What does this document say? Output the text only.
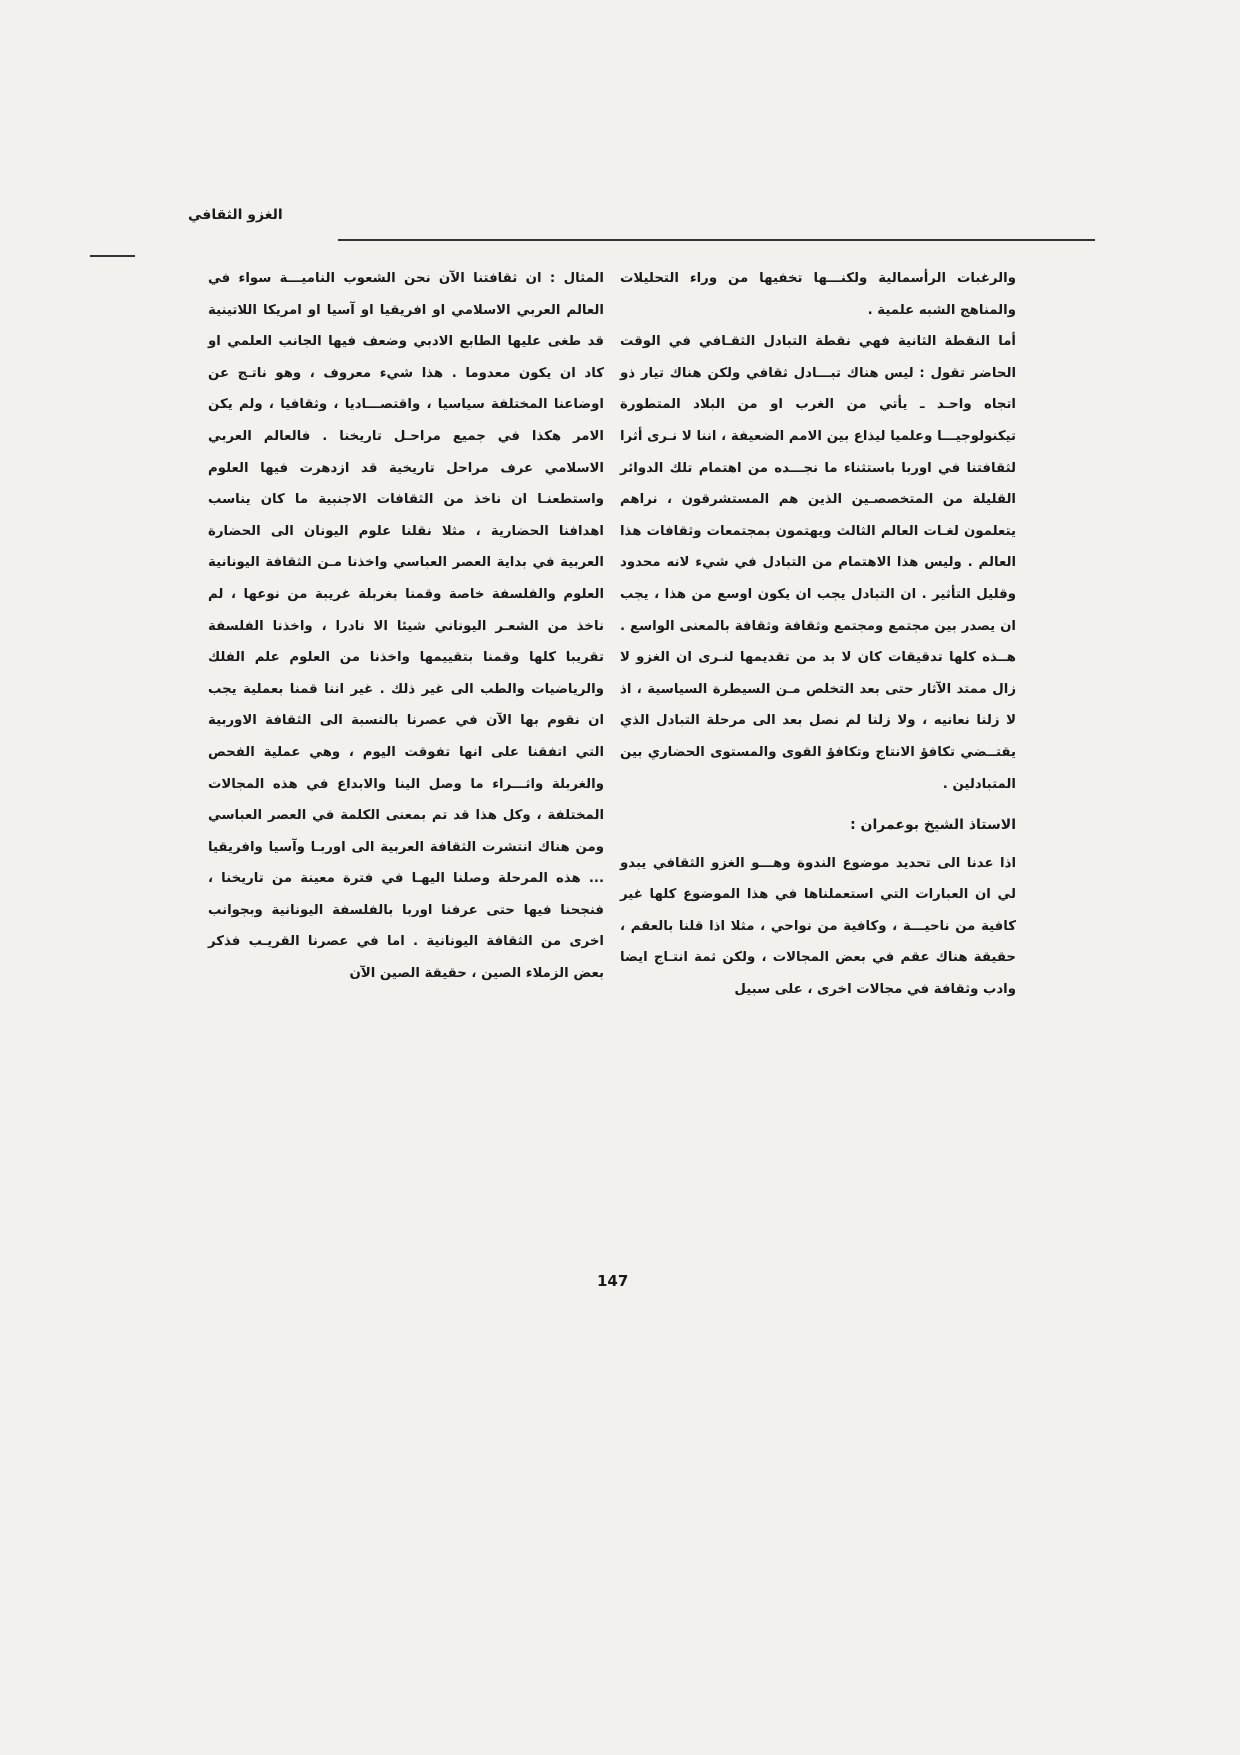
الغزو الثقافي

والرغبات الرأسمالية ولكنـــها تخفيها من وراء التحليلات والمناهج الشبه علمية .

أما النقطة الثانية فهي نقطة التبادل الثقـافي في الوقت الحاضر تقول : ليس هناك تبـــادل ثقافي ولكن هناك تيار ذو اتجاه واحـد ـ يأتي من الغرب او من البلاد المتطورة تيكنولوجيـــا وعلميا ليذاع بين الامم الضعيفة ، اننا لا نـرى أثرا لثقافتنا في اوربا باستثناء ما نجـــده من اهتمام تلك الدوائر القليلة من المتخصصـين الذين هم المستشرقون ، نراهم يتعلمون لغـات العالم الثالث ويهتمون بمجتمعات وثقافات هذا العالم . وليس هذا الاهتمام من التبادل في شيء لانه محدود وقليل التأثير . ان التبادل يجب ان يكون اوسع من هذا ، يجب ان يصدر بين مجتمع ومجتمع وثقافة وثقافة بالمعنى الواسع . هــذه كلها تدقيقات كان لا بد من تقديمها لنـرى ان الغزو لا زال ممتد الآثار حتى بعد التخلص مـن السيطرة السياسية ، اذ لا زلنا نعانيه ، ولا زلنا لم نصل بعد الى مرحلة التبادل الذي يقتــضي تكافؤ الانتاج وتكافؤ القوى والمستوى الحضاري بين المتبادلين .

الاستاذ الشيخ بوعمران :

اذا عدنا الى تحديد موضوع الندوة وهـــو الغزو الثقافي يبدو لي ان العبارات التي استعملناها في هذا الموضوع كلها غير كافية من ناحيـــة ، وكافية من نواحي ، مثلا اذا قلنا بالعقم ، حقيقة هناك عقم في بعض المجالات ، ولكن ثمة انتـاج ايضا وادب وثقافة في مجالات اخرى ، على سبيل

المثال : ان ثقافتنا الآن نحن الشعوب الناميـــة سواء في العالم العربي الاسلامي او افريقيا او آسيا او امريكا اللاتينية قد طغى عليها الطابع الادبي وضعف فيها الجانب العلمي او كاد ان يكون معدوما . هذا شيء معروف ، وهو ناتـج عن اوضاعنا المختلفة سياسيا ، واقتصـــاديا ، وثقافيا ، ولم يكن الامر هكذا في جميع مراحـل تاريخنا . فالعالم العربي الاسلامي عرف مراحل تاريخية قد ازدهرت فيها العلوم واستطعنـا ان ناخذ من الثقافات الاجنبية ما كان يناسب اهدافنا الحضارية ، مثلا نقلنا علوم اليونان الى الحضارة العربية في بداية العصر العباسي واخذنا مـن الثقافة اليونانية العلوم والفلسفة خاصة وقمنا بغربلة غريبة من نوعها ، لم ناخذ من الشعـر اليوناني شيئا الا نادرا ، واخذنا الفلسفة تقريبا كلها وقمنا بتقييمها واخذنا من العلوم علم الفلك والرياضيات والطب الى غير ذلك . غير اننا قمنا بعملية يجب ان نقوم بها الآن في عصرنا بالنسبة الى الثقافة الاوربية التي اتفقنا على انها تفوقت اليوم ، وهي عملية الفحص والغربلة واثـــراء ما وصل الينا والابداع في هذه المجالات المختلفة ، وكل هذا قد تم بمعنى الكلمة في العصر العباسي ومن هناك انتشرت الثقافة العربية الى اوربـا وآسيا وافريقيا ... هذه المرحلة وصلنا اليهـا في فترة معينة من تاريخنا ، فنجحنا فيها حتى عرفنا اوربا بالفلسفة اليونانية وبجوانب اخرى من الثقافة اليونانية . اما في عصرنا القريـب فذكر بعض الزملاء الصين ، حقيقة الصين الآن

147
